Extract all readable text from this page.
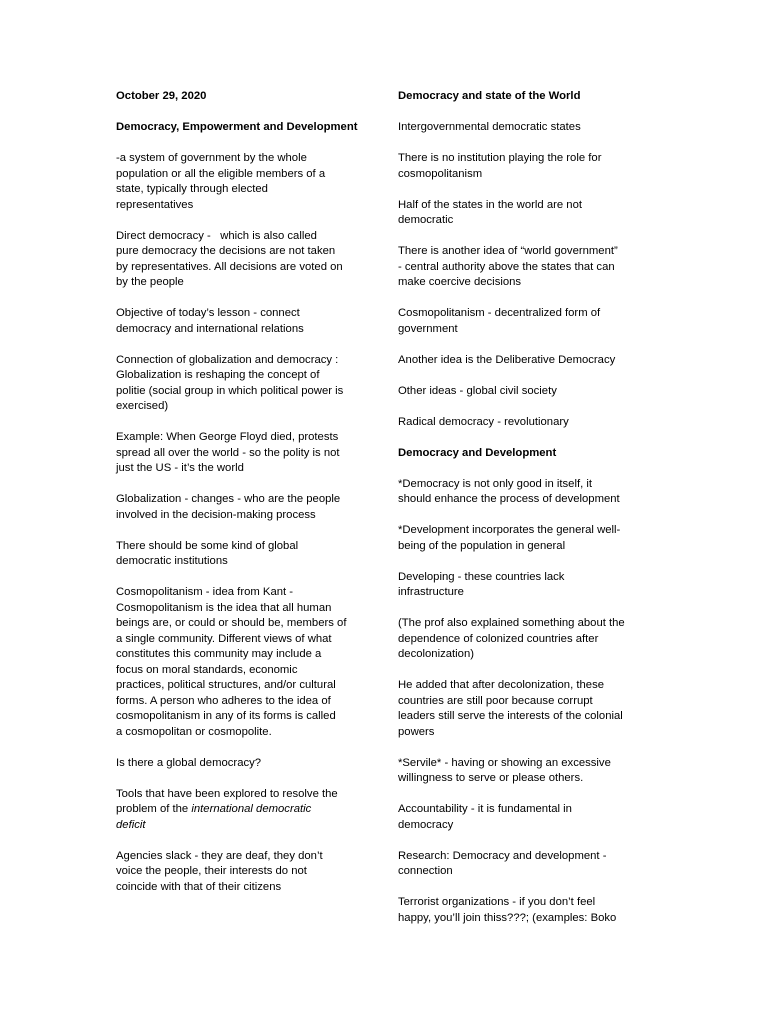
October 29, 2020

Democracy, Empowerment and Development

-a system of government by the whole
population or all the eligible members of a
state, typically through elected
representatives

Direct democracy -   which is also called
pure democracy the decisions are not taken
by representatives. All decisions are voted on
by the people

Objective of today’s lesson - connect
democracy and international relations

Connection of globalization and democracy :
Globalization is reshaping the concept of
politie (social group in which political power is
exercised)

Example: When George Floyd died, protests
spread all over the world - so the polity is not
just the US - it’s the world

Globalization - changes - who are the people
involved in the decision-making process

There should be some kind of global
democratic institutions

Cosmopolitanism - idea from Kant -
Cosmopolitanism is the idea that all human
beings are, or could or should be, members of
a single community. Different views of what
constitutes this community may include a
focus on moral standards, economic
practices, political structures, and/or cultural
forms. A person who adheres to the idea of
cosmopolitanism in any of its forms is called
a cosmopolitan or cosmopolite.

Is there a global democracy?

Tools that have been explored to resolve the
problem of the international democratic
deficit

Agencies slack - they are deaf, they don’t
voice the people, their interests do not
coincide with that of their citizens

Democracy and state of the World

Intergovernmental democratic states

There is no institution playing the role for
cosmopolitanism

Half of the states in the world are not
democratic

There is another idea of “world government”
- central authority above the states that can
make coercive decisions

Cosmopolitanism - decentralized form of
government

Another idea is the Deliberative Democracy

Other ideas - global civil society

Radical democracy - revolutionary

Democracy and Development

*Democracy is not only good in itself, it
should enhance the process of development

*Development incorporates the general well-
being of the population in general

Developing - these countries lack
infrastructure

(The prof also explained something about the
dependence of colonized countries after
decolonization)

He added that after decolonization, these
countries are still poor because corrupt
leaders still serve the interests of the colonial
powers

*Servile* - having or showing an excessive
willingness to serve or please others.

Accountability - it is fundamental in
democracy

Research: Democracy and development -
connection

Terrorist organizations - if you don’t feel
happy, you’ll join thiss???; (examples: Boko
